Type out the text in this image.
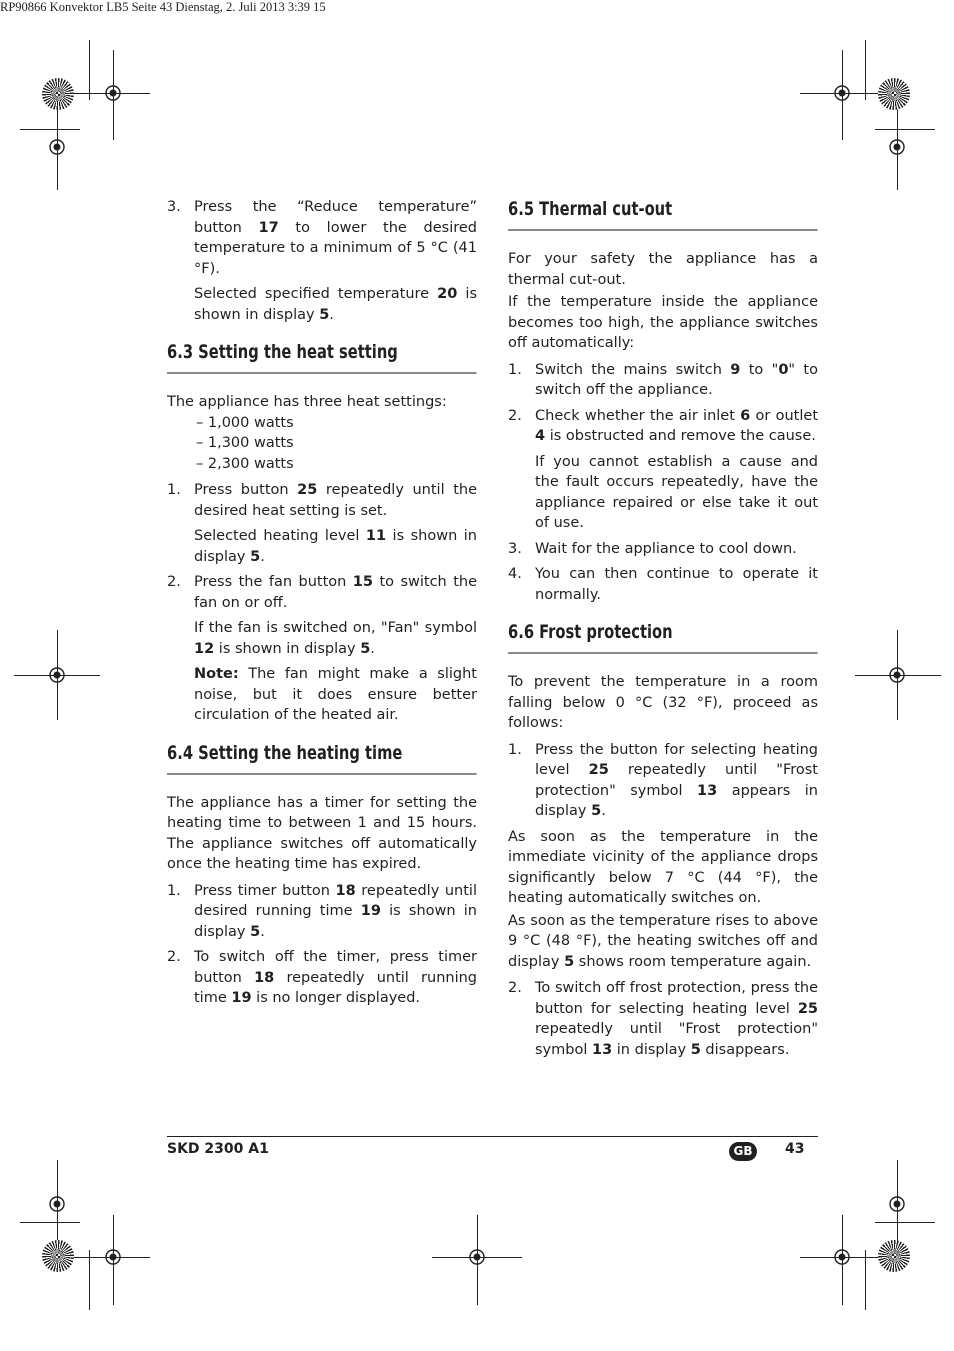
RP90866 Konvektor LB5 Seite 43 Dienstag, 2. Juli 2013 3:39 15
3. Press the “Reduce temperature” button 17 to lower the desired temperature to a minimum of 5 °C (41 °F).
Selected specified temperature 20 is shown in display 5.
6.3 Setting the heat setting

The appliance has three heat settings:

– 1,000 watts
– 1,300 watts
– 2,300 watts
1. Press button 25 repeatedly until the desired heat setting is set.
Selected heating level 11 is shown in display 5.
2. Press the fan button 15 to switch the fan on or off.
If the fan is switched on, "Fan" symbol 12 is shown in display 5.
Note: The fan might make a slight noise, but it does ensure better circulation of the heated air.
6.4 Setting the heating time

The appliance has a timer for setting the heating time to between 1 and 15 hours. The appliance switches off automatically once the heating time has expired.

1. Press timer button 18 repeatedly until desired running time 19 is shown in display 5.
2. To switch off the timer, press timer button 18 repeatedly until running time 19 is no longer displayed.
6.5 Thermal cut-out

For your safety the appliance has a thermal cut-out.

If the temperature inside the appliance becomes too high, the appliance switches off automatically:

1. Switch the mains switch 9 to "0" to switch off the appliance.
2. Check whether the air inlet 6 or outlet 4 is obstructed and remove the cause.
If you cannot establish a cause and the fault occurs repeatedly, have the appliance repaired or else take it out of use.
3. Wait for the appliance to cool down.
4. You can then continue to operate it normally.
6.6 Frost protection

To prevent the temperature in a room falling below 0 °C (32 °F), proceed as follows:

1. Press the button for selecting heating level 25 repeatedly until "Frost protection" symbol 13 appears in display 5.

As soon as the temperature in the immediate vicinity of the appliance drops significantly below 7 °C (44 °F), the heating automatically switches on.

As soon as the temperature rises to above 9 °C (48 °F), the heating switches off and display 5 shows room temperature again.

2. To switch off frost protection, press the button for selecting heating level 25 repeatedly until "Frost protection" symbol 13 in display 5 disappears.
SKD 2300 A1	GB	43
